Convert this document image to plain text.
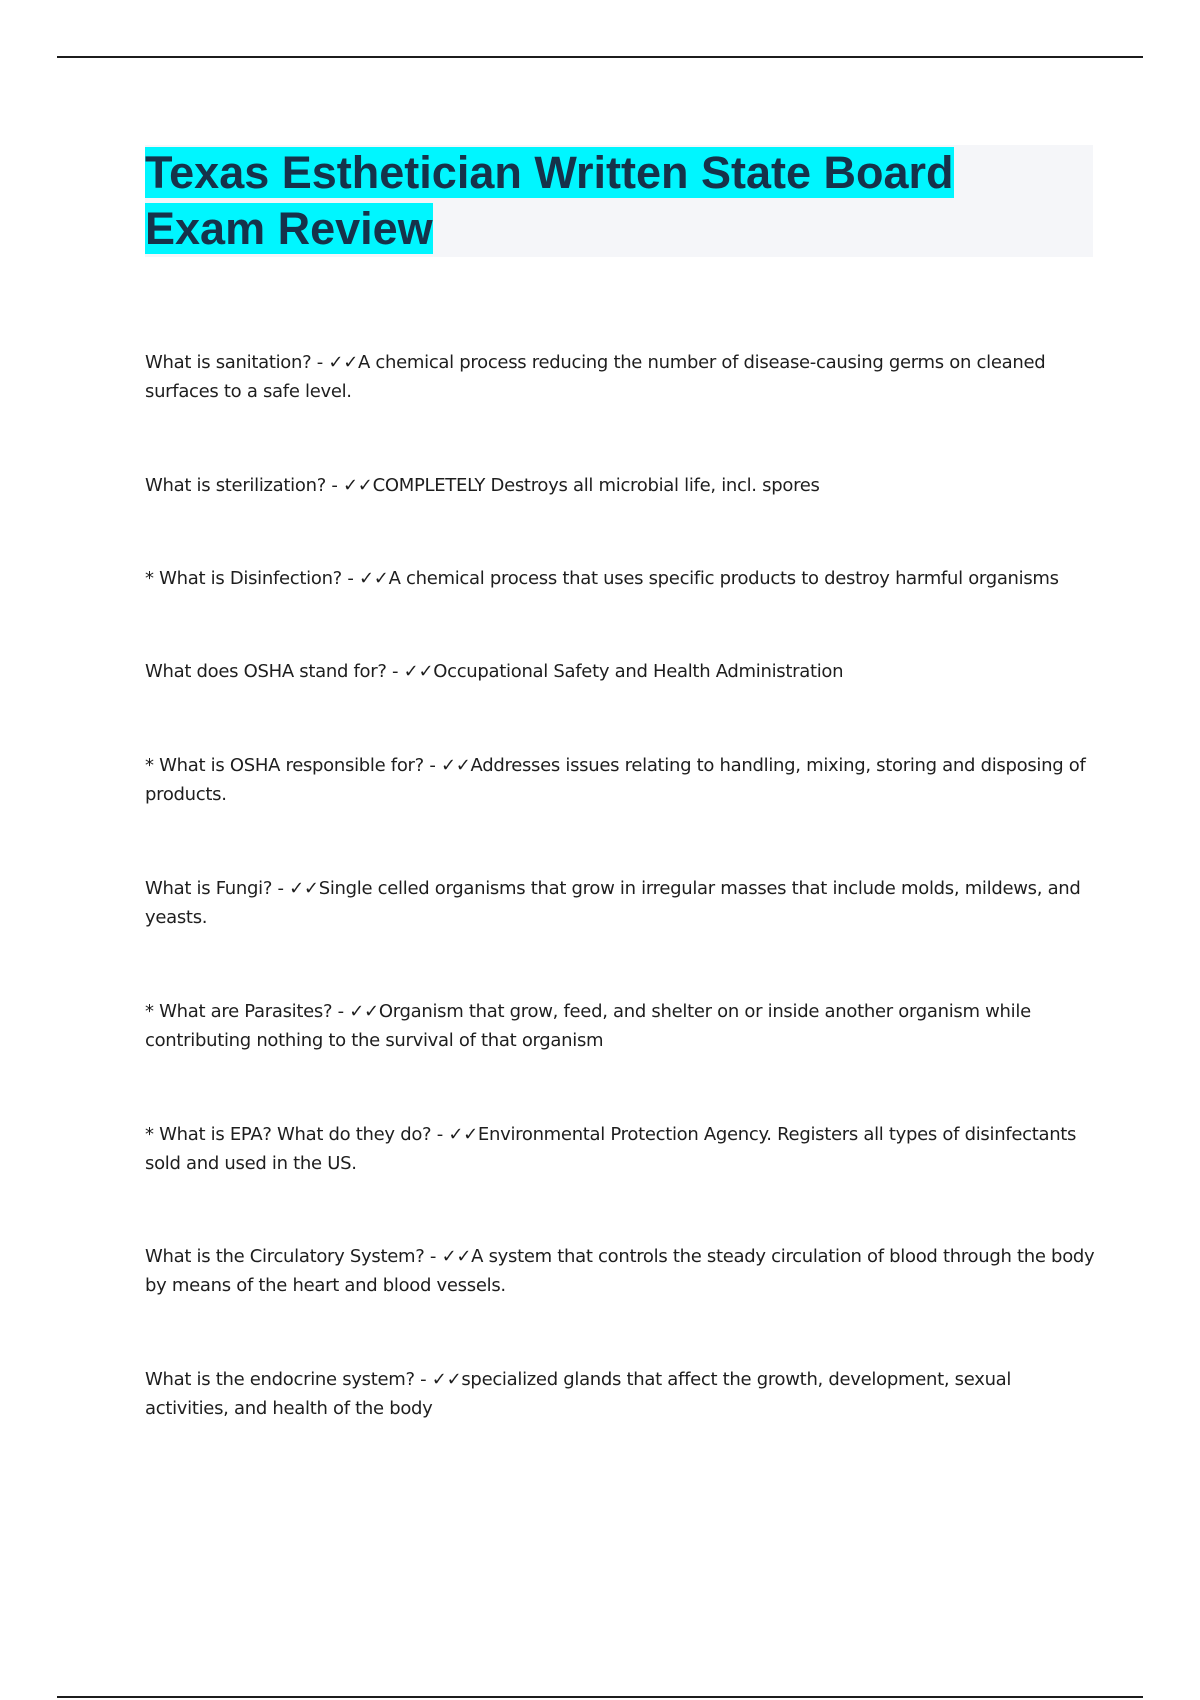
Texas Esthetician Written State Board
Exam Review
What is sanitation? - ✓✓A chemical process reducing the number of disease-causing germs on cleaned surfaces to a safe level.
What is sterilization? - ✓✓COMPLETELY Destroys all microbial life, incl. spores
* What is Disinfection? - ✓✓A chemical process that uses specific products to destroy harmful organisms
What does OSHA stand for? - ✓✓Occupational Safety and Health Administration
* What is OSHA responsible for? - ✓✓Addresses issues relating to handling, mixing, storing and disposing of products.
What is Fungi? - ✓✓Single celled organisms that grow in irregular masses that include molds, mildews, and yeasts.
* What are Parasites? - ✓✓Organism that grow, feed, and shelter on or inside another organism while contributing nothing to the survival of that organism
* What is EPA? What do they do? - ✓✓Environmental Protection Agency. Registers all types of disinfectants sold and used in the US.
What is the Circulatory System? - ✓✓A system that controls the steady circulation of blood through the body by means of the heart and blood vessels.
What is the endocrine system? - ✓✓specialized glands that affect the growth, development, sexual activities, and health of the body
